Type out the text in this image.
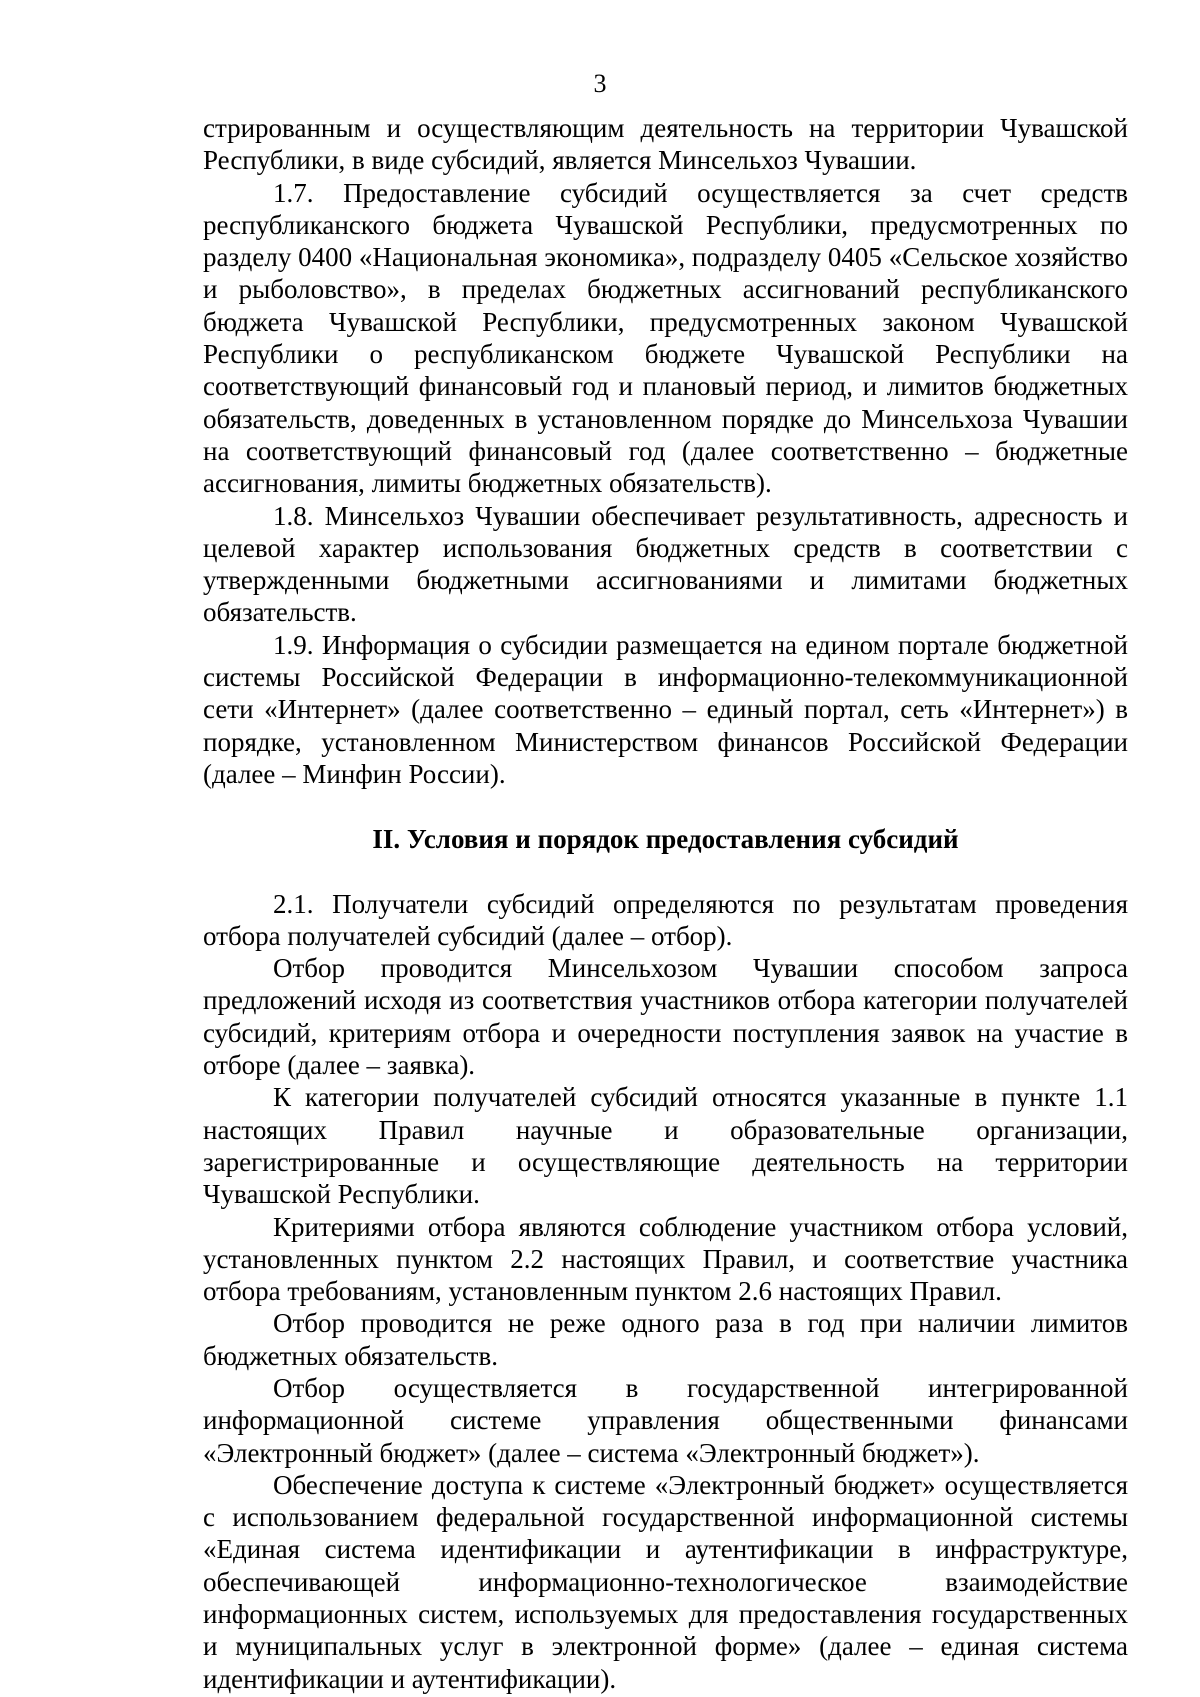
3

стрированным и осуществляющим деятельность на территории Чувашской Республики, в виде субсидий, является Минсельхоз Чувашии.

1.7. Предоставление субсидий осуществляется за счет средств республиканского бюджета Чувашской Республики, предусмотренных по разделу 0400 «Национальная экономика», подразделу 0405 «Сельское хозяйство и рыболовство», в пределах бюджетных ассигнований республиканского бюджета Чувашской Республики, предусмотренных законом Чувашской Республики о республиканском бюджете Чувашской Республики на соответствующий финансовый год и плановый период, и лимитов бюджетных обязательств, доведенных в установленном порядке до Минсельхоза Чувашии на соответствующий финансовый год (далее соответственно – бюджетные ассигнования, лимиты бюджетных обязательств).

1.8. Минсельхоз Чувашии обеспечивает результативность, адресность и целевой характер использования бюджетных средств в соответствии с утвержденными бюджетными ассигнованиями и лимитами бюджетных обязательств.

1.9. Информация о субсидии размещается на едином портале бюджетной системы Российской Федерации в информационно-телекоммуникационной сети «Интернет» (далее соответственно – единый портал, сеть «Интернет») в порядке, установленном Министерством финансов Российской Федерации (далее – Минфин России).

II. Условия и порядок предоставления субсидий

2.1. Получатели субсидий определяются по результатам проведения отбора получателей субсидий (далее – отбор).

Отбор проводится Минсельхозом Чувашии способом запроса предложений исходя из соответствия участников отбора категории получателей субсидий, критериям отбора и очередности поступления заявок на участие в отборе (далее – заявка).

К категории получателей субсидий относятся указанные в пункте 1.1 настоящих Правил научные и образовательные организации, зарегистрированные и осуществляющие деятельность на территории Чувашской Республики.

Критериями отбора являются соблюдение участником отбора условий, установленных пунктом 2.2 настоящих Правил, и соответствие участника отбора требованиям, установленным пунктом 2.6 настоящих Правил.

Отбор проводится не реже одного раза в год при наличии лимитов бюджетных обязательств.

Отбор осуществляется в государственной интегрированной информационной системе управления общественными финансами «Электронный бюджет» (далее – система «Электронный бюджет»).

Обеспечение доступа к системе «Электронный бюджет» осуществляется с использованием федеральной государственной информационной системы «Единая система идентификации и аутентификации в инфраструктуре, обеспечивающей информационно-технологическое взаимодействие информационных систем, используемых для предоставления государственных и муниципальных услуг в электронной форме» (далее – единая система идентификации и аутентификации).
